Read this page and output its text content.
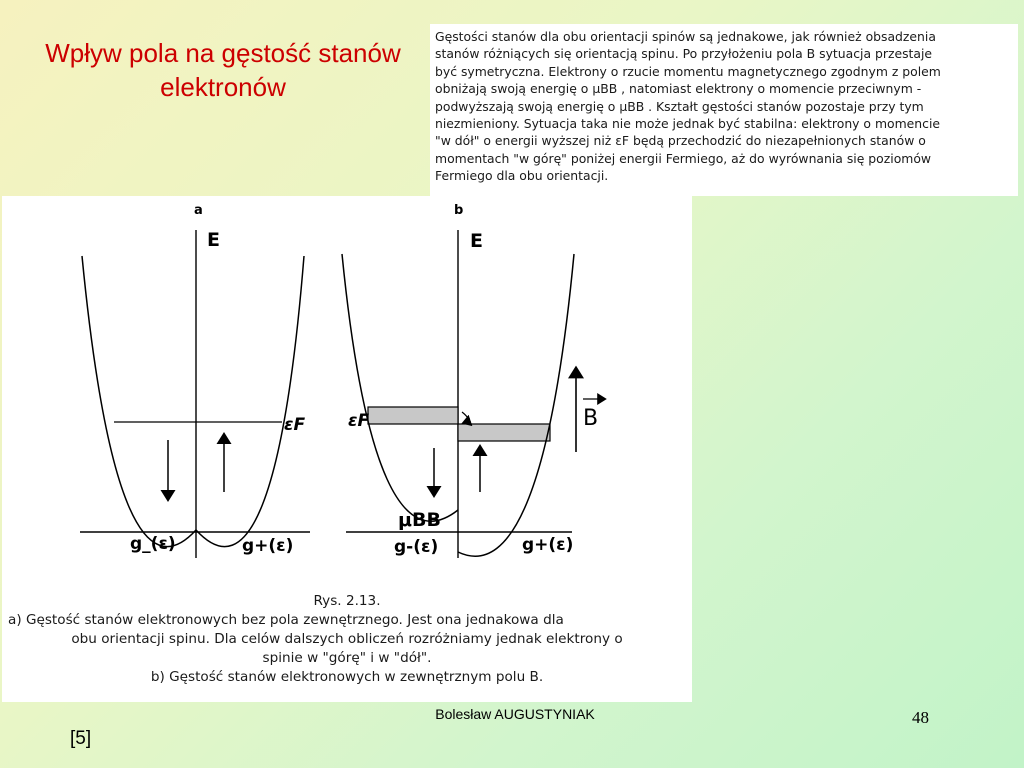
Wpływ pola na gęstość stanów
elektronów
Gęstości stanów dla obu orientacji spinów są jednakowe, jak również obsadzenia
stanów różniących się orientacją spinu. Po przyłożeniu pola B sytuacja przestaje
być symetryczna. Elektrony o rzucie momentu magnetycznego zgodnym z polem
obniżają swoją energię o μBB , natomiast elektrony o momencie przeciwnym -
podwyższają swoją energię o μBB . Kształt gęstości stanów pozostaje przy tym
niezmieniony. Sytuacja taka nie może jednak być stabilna: elektrony o momencie
"w dół" o energii wyższej niż εF będą przechodzić do niezapełnionych stanów o
momentach "w górę" poniżej energii Fermiego, aż do wyrównania się poziomów
Fermiego dla obu orientacji.
a
E
εF
g_(ε)	g+(ε)
b
E
εF
μBB
g-(ε)	g+(ε)
B
Rys. 2.13.
a) Gęstość stanów elektronowych bez pola zewnętrznego. Jest ona jednakowa dla
obu orientacji spinu. Dla celów dalszych obliczeń rozróżniamy jednak elektrony o
spinie w "górę" i w "dół".
b) Gęstość stanów elektronowych w zewnętrznym polu B.
Bolesław AUGUSTYNIAK
[5]
48
